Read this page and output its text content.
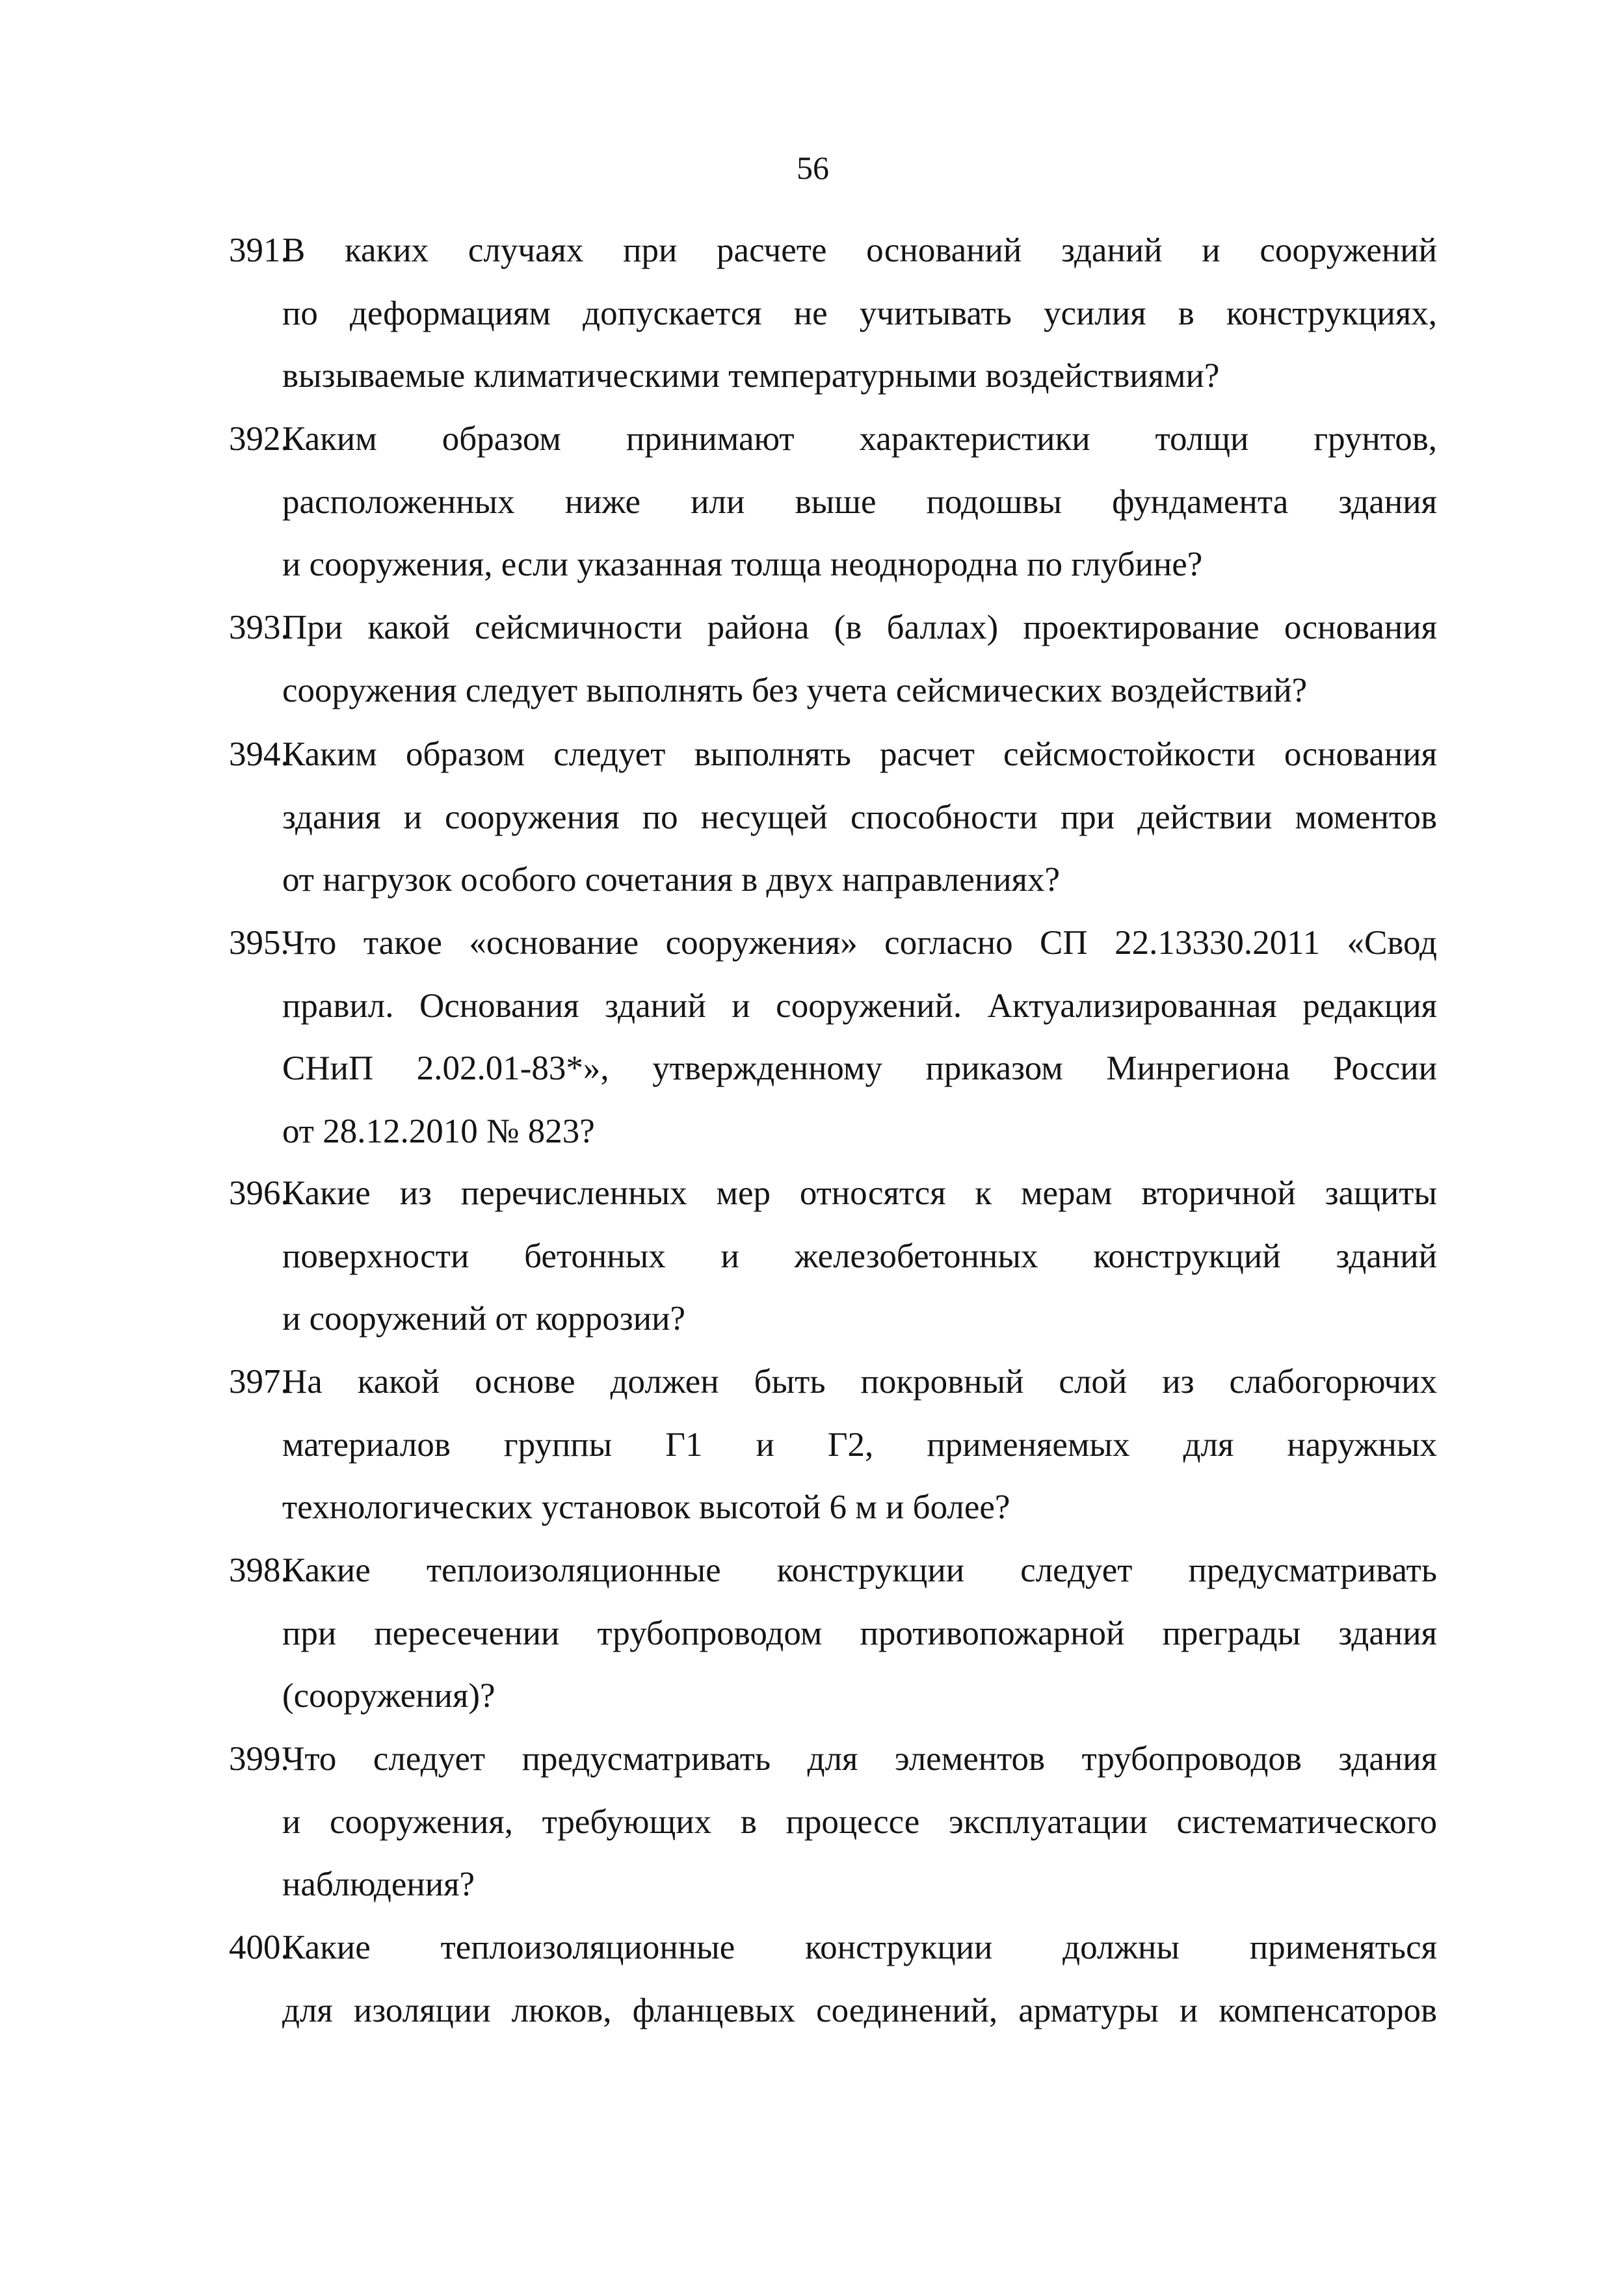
56
391.
В каких случаях при расчете оснований зданий и сооружений
по деформациям допускается не учитывать усилия в конструкциях,
вызываемые климатическими температурными воздействиями?
392.
Каким образом принимают характеристики толщи грунтов,
расположенных ниже или выше подошвы фундамента здания
и сооружения, если указанная толща неоднородна по глубине?
393.
При какой сейсмичности района (в баллах) проектирование основания
сооружения следует выполнять без учета сейсмических воздействий?
394.
Каким образом следует выполнять расчет сейсмостойкости основания
здания и сооружения по несущей способности при действии моментов
от нагрузок особого сочетания в двух направлениях?
395.
Что такое «основание сооружения» согласно СП 22.13330.2011 «Свод
правил. Основания зданий и сооружений. Актуализированная редакция
СНиП 2.02.01-83*», утвержденному приказом Минрегиона России
от 28.12.2010 № 823?
396.
Какие из перечисленных мер относятся к мерам вторичной защиты
поверхности бетонных и железобетонных конструкций зданий
и сооружений от коррозии?
397.
На какой основе должен быть покровный слой из слабогорючих
материалов группы Г1 и Г2, применяемых для наружных
технологических установок высотой 6 м и более?
398.
Какие теплоизоляционные конструкции следует предусматривать
при пересечении трубопроводом противопожарной преграды здания
(сооружения)?
399.
Что следует предусматривать для элементов трубопроводов здания
и сооружения, требующих в процессе эксплуатации систематического
наблюдения?
400.
Какие теплоизоляционные конструкции должны применяться
для изоляции люков, фланцевых соединений, арматуры и компенсаторов
